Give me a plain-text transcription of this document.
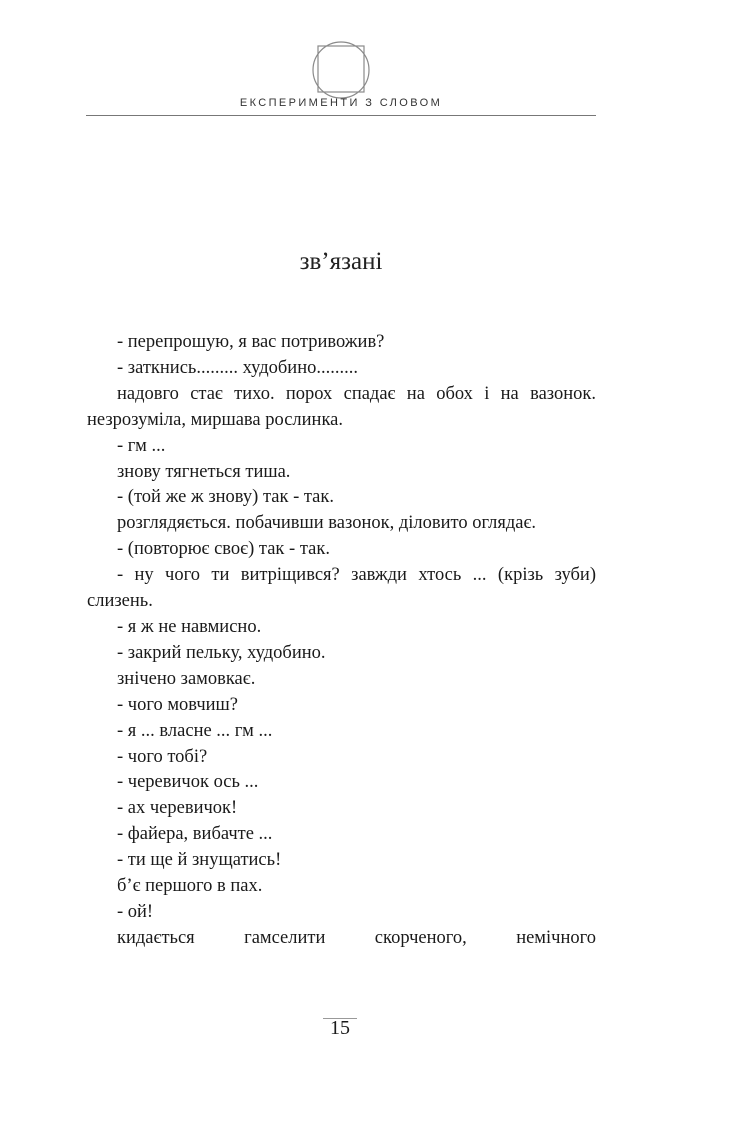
ЕКСПЕРИМЕНТИ З СЛОВОМ
зв’язані

- перепрошую, я вас потривожив?

- заткнись......... худобино.........

надовго стає тихо. порох спадає на обох і на вазонок. незрозуміла, миршава рослинка.

- гм ...

знову тягнеться тиша.

- (той же ж знову) так - так.

розглядяється. побачивши вазонок, діловито оглядає.

- (повторює своє) так - так.

- ну чого ти витріщився? завжди хтось ... (крізь зуби) слизень.

- я ж не навмисно.

- закрий пельку, худобино.

знічено замовкає.

- чого мовчиш?

- я ... власне ... гм ...

- чого тобі?

- черевичок ось ...

- ах черевичок!

- файера, вибачте ...

- ти ще й знущатись!

б’є першого в пах.

- ой!

кидається гамселити скорченого, немічного

15
